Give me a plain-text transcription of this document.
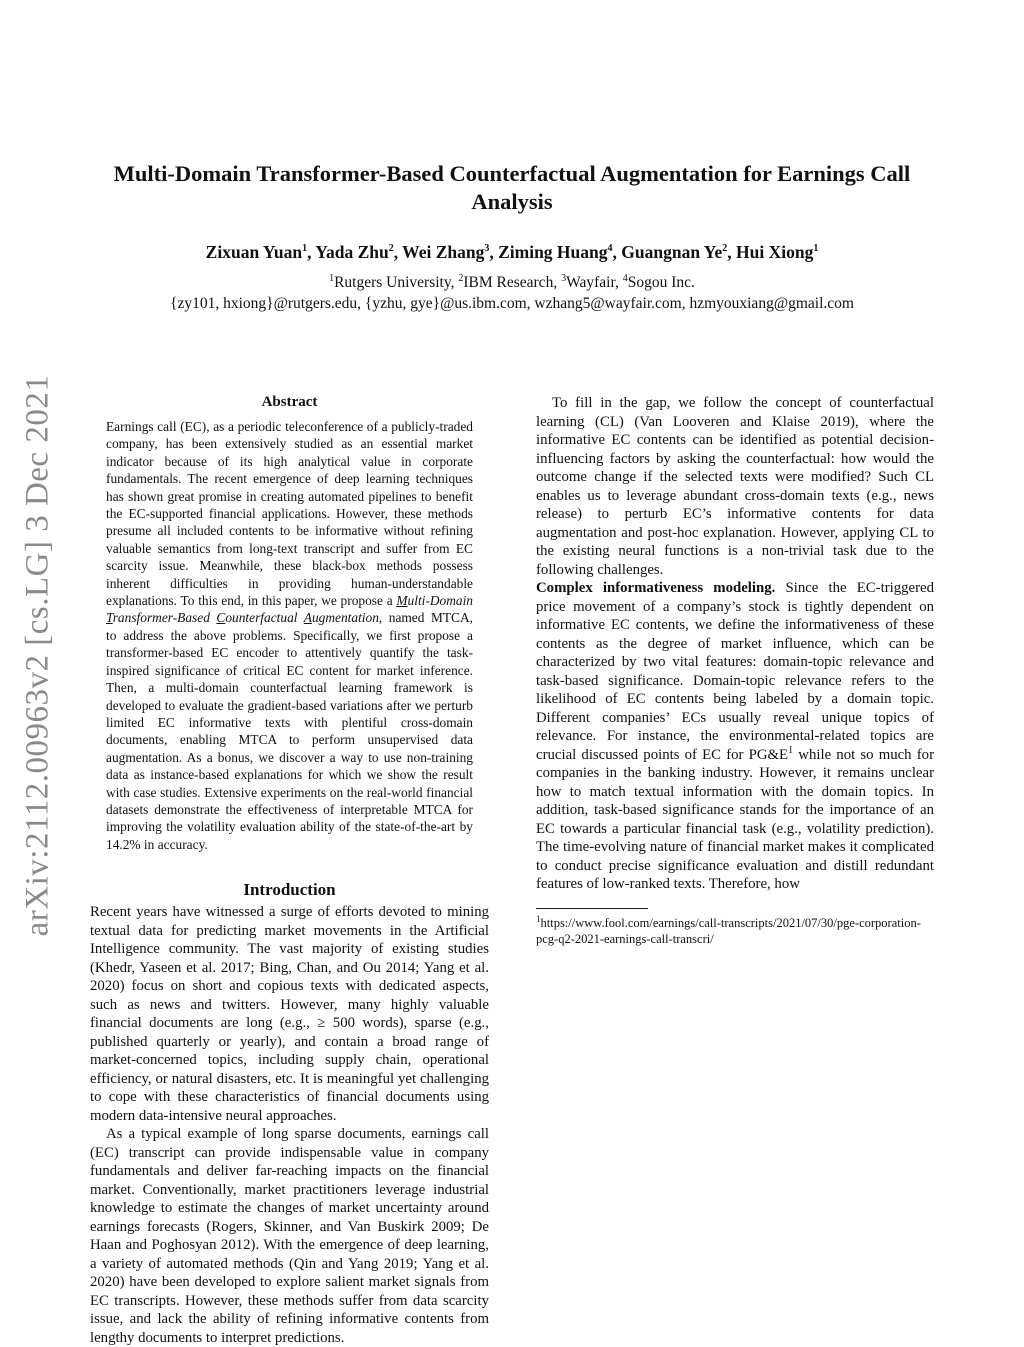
arXiv:2112.00963v2 [cs.LG] 3 Dec 2021
Multi-Domain Transformer-Based Counterfactual Augmentation for Earnings Call Analysis
Zixuan Yuan$^1$, Yada Zhu$^2$, Wei Zhang$^3$, Ziming Huang$^4$, Guangnan Ye$^2$, Hui Xiong$^1$
$^1$Rutgers University, $^2$IBM Research, $^3$Wayfair, $^4$Sogou Inc.
{zy101, hxiong}@rutgers.edu, {yzhu, gye}@us.ibm.com, wzhang5@wayfair.com, hzmyouxiang@gmail.com
Abstract

Earnings call (EC), as a periodic teleconference of a publicly-traded company, has been extensively studied as an essential market indicator because of its high analytical value in corporate fundamentals. The recent emergence of deep learning techniques has shown great promise in creating automated pipelines to benefit the EC-supported financial applications. However, these methods presume all included contents to be informative without refining valuable semantics from long-text transcript and suffer from EC scarcity issue. Meanwhile, these black-box methods possess inherent difficulties in providing human-understandable explanations. To this end, in this paper, we propose a Multi-Domain Transformer-Based Counterfactual Augmentation, named MTCA, to address the above problems. Specifically, we first propose a transformer-based EC encoder to attentively quantify the task-inspired significance of critical EC content for market inference. Then, a multi-domain counterfactual learning framework is developed to evaluate the gradient-based variations after we perturb limited EC informative texts with plentiful cross-domain documents, enabling MTCA to perform unsupervised data augmentation. As a bonus, we discover a way to use non-training data as instance-based explanations for which we show the result with case studies. Extensive experiments on the real-world financial datasets demonstrate the effectiveness of interpretable MTCA for improving the volatility evaluation ability of the state-of-the-art by 14.2% in accuracy.

Introduction

Recent years have witnessed a surge of efforts devoted to mining textual data for predicting market movements in the Artificial Intelligence community. The vast majority of existing studies (Khedr, Yaseen et al. 2017; Bing, Chan, and Ou 2014; Yang et al. 2020) focus on short and copious texts with dedicated aspects, such as news and twitters. However, many highly valuable financial documents are long (e.g., ≥ 500 words), sparse (e.g., published quarterly or yearly), and contain a broad range of market-concerned topics, including supply chain, operational efficiency, or natural disasters, etc. It is meaningful yet challenging to cope with these characteristics of financial documents using modern data-intensive neural approaches.

As a typical example of long sparse documents, earnings call (EC) transcript can provide indispensable value in company fundamentals and deliver far-reaching impacts on the financial market. Conventionally, market practitioners leverage industrial knowledge to estimate the changes of market uncertainty around earnings forecasts (Rogers, Skinner, and Van Buskirk 2009; De Haan and Poghosyan 2012). With the emergence of deep learning, a variety of automated methods (Qin and Yang 2019; Yang et al. 2020) have been developed to explore salient market signals from EC transcripts. However, these methods suffer from data scarcity issue, and lack the ability of refining informative contents from lengthy documents to interpret predictions.

To fill in the gap, we follow the concept of counterfactual learning (CL) (Van Looveren and Klaise 2019), where the informative EC contents can be identified as potential decision-influencing factors by asking the counterfactual: how would the outcome change if the selected texts were modified? Such CL enables us to leverage abundant cross-domain texts (e.g., news release) to perturb EC’s informative contents for data augmentation and post-hoc explanation. However, applying CL to the existing neural functions is a non-trivial task due to the following challenges.

Complex informativeness modeling. Since the EC-triggered price movement of a company’s stock is tightly dependent on informative EC contents, we define the informativeness of these contents as the degree of market influence, which can be characterized by two vital features: domain-topic relevance and task-based significance. Domain-topic relevance refers to the likelihood of EC contents being labeled by a domain topic. Different companies’ ECs usually reveal unique topics of relevance. For instance, the environmental-related topics are crucial discussed points of EC for $PG\&E^1$ while not so much for companies in the banking industry. However, it remains unclear how to match textual information with the domain topics. In addition, task-based significance stands for the importance of an EC towards a particular financial task (e.g., volatility prediction). The time-evolving nature of financial market makes it complicated to conduct precise significance evaluation and distill redundant features of low-ranked texts. Therefore, how

$^1$https://www.fool.com/earnings/call-transcripts/2021/07/30/pge-corporation-pcg-q2-2021-earnings-call-transcri/
